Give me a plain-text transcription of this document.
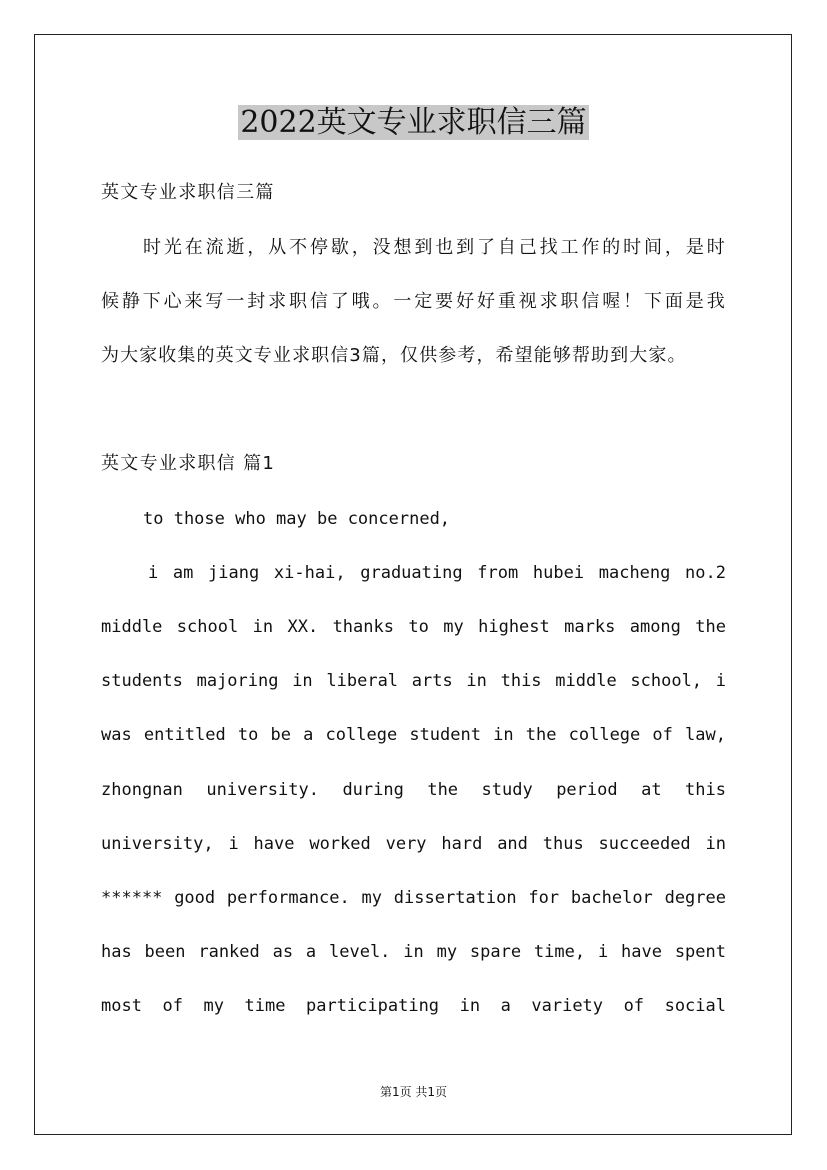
2022英文专业求职信三篇

英文专业求职信三篇

时光在流逝，从不停歇，没想到也到了自己找工作的时间，是时

候静下心来写一封求职信了哦。一定要好好重视求职信喔！下面是我

为大家收集的英文专业求职信3篇，仅供参考，希望能够帮助到大家。

英文专业求职信 篇1

to those who may be concerned,

i am jiang xi-hai, graduating from hubei macheng no.2

middle school in XX. thanks to my highest marks among the

students majoring in liberal arts in this middle school, i

was entitled to be a college student in the college of law,

zhongnan university. during the study period at this

university, i have worked very hard and thus succeeded in

****** good performance. my dissertation for bachelor degree

has been ranked as a level. in my spare time, i have spent

most of my time participating in a variety of social

第1页 共1页
